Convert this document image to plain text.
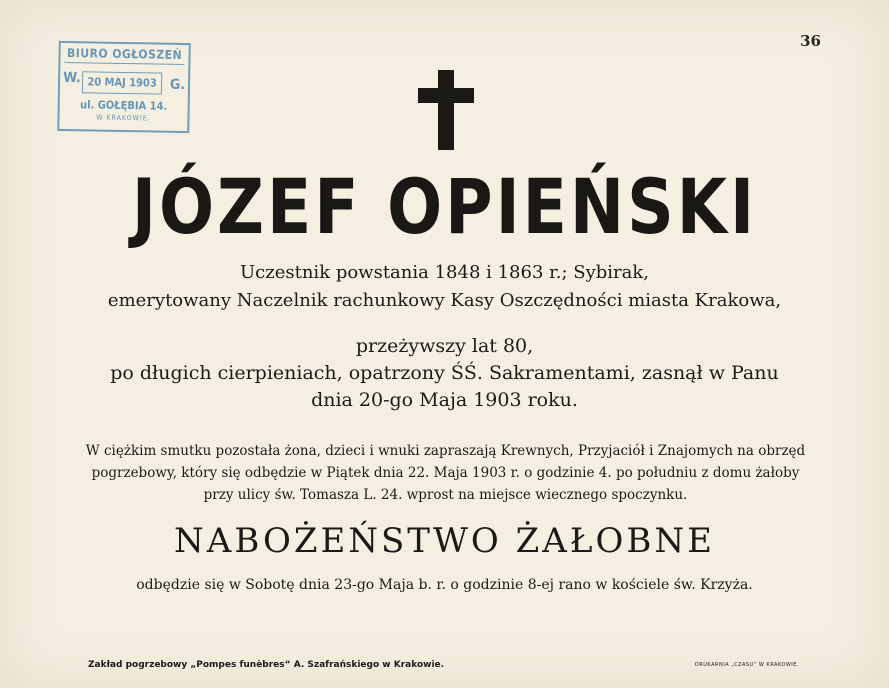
36
BIURO OGŁOSZEŃ
W. 20 MAJ 1903 G.
ul. GOŁĘBIA 14.
W KRAKOWIE.
JÓZEF OPIEŃSKI
Uczestnik powstania 1848 i 1863 r.; Sybirak,
emerytowany Naczelnik rachunkowy Kasy Oszczędności miasta Krakowa,
przeżywszy lat 80,
po długich cierpieniach, opatrzony ŚŚ. Sakramentami, zasnął w Panu
dnia 20-go Maja 1903 roku.
W ciężkim smutku pozostała żona, dzieci i wnuki zapraszają Krewnych, Przyjaciół i Znajomych na obrzęd pogrzebowy, który się odbędzie w Piątek dnia 22. Maja 1903 r. o godzinie 4. po południu z domu żałoby przy ulicy św. Tomasza L. 24. wprost na miejsce wiecznego spoczynku.
NABOŻEŃSTWO ŻAŁOBNE
odbędzie się w Sobotę dnia 23-go Maja b. r. o godzinie 8-ej rano w kościele św. Krzyża.
Zakład pogrzebowy „Pompes funèbres“ A. Szafrańskiego w Krakowie.	DRUKARNIA „CZASU“ W KRAKOWIE.
